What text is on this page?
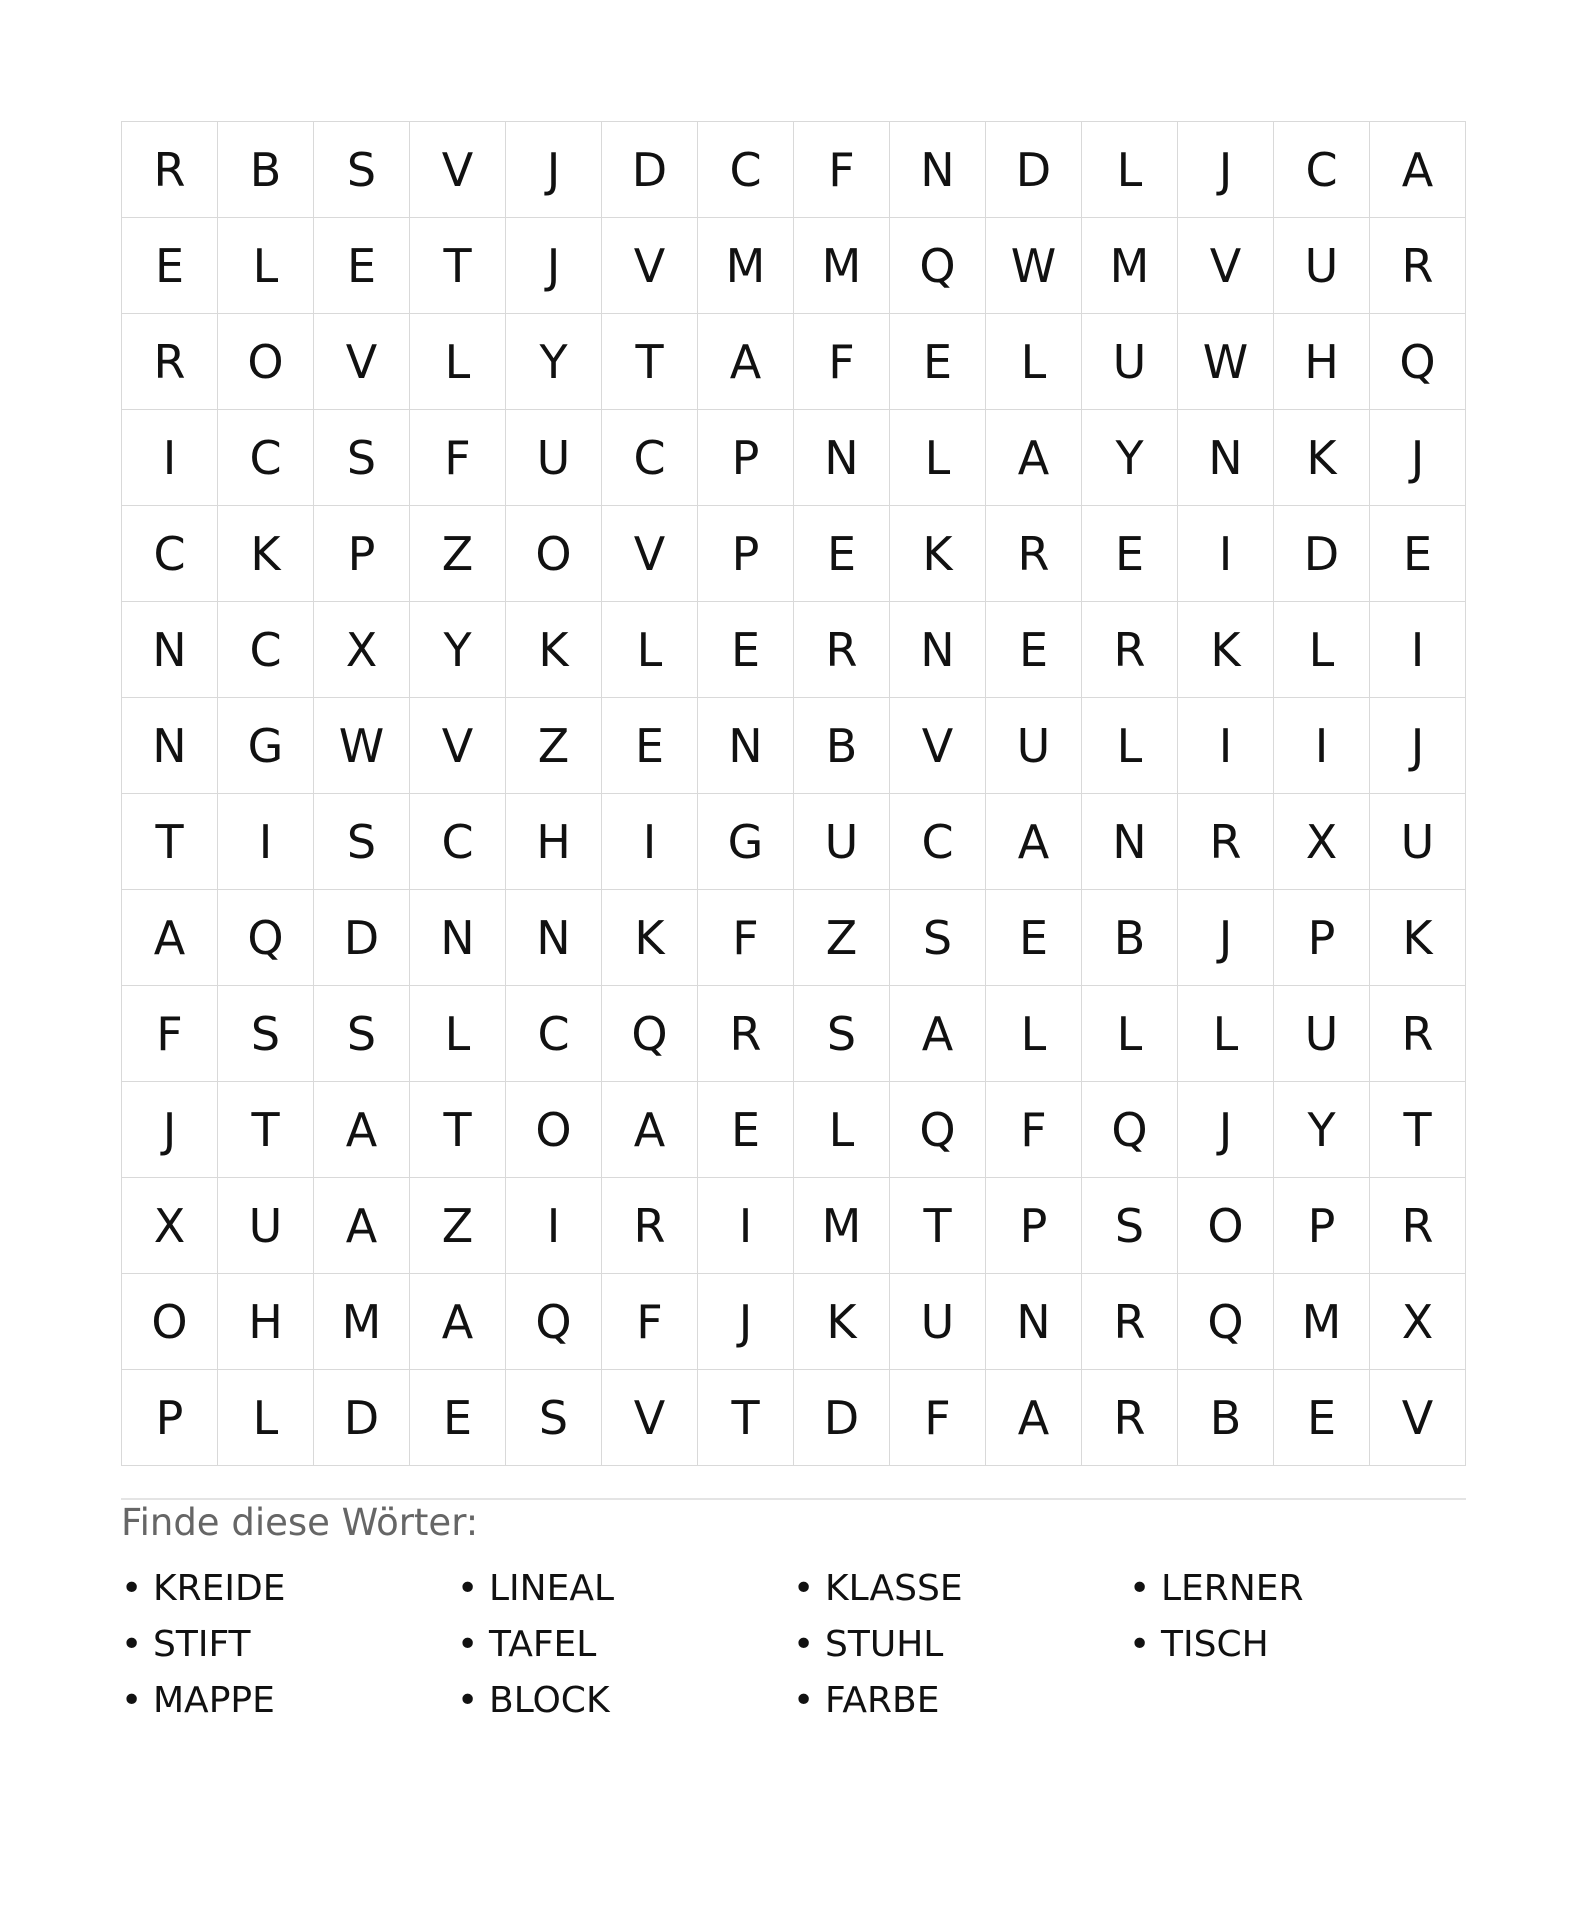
R	B	S	V	J	D	C	F	N	D	L	J	C	A
E	L	E	T	J	V	M	M	Q	W	M	V	U	R
R	O	V	L	Y	T	A	F	E	L	U	W	H	Q
I	C	S	F	U	C	P	N	L	A	Y	N	K	J
C	K	P	Z	O	V	P	E	K	R	E	I	D	E
N	C	X	Y	K	L	E	R	N	E	R	K	L	I
N	G	W	V	Z	E	N	B	V	U	L	I	I	J
T	I	S	C	H	I	G	U	C	A	N	R	X	U
A	Q	D	N	N	K	F	Z	S	E	B	J	P	K
F	S	S	L	C	Q	R	S	A	L	L	L	U	R
J	T	A	T	O	A	E	L	Q	F	Q	J	Y	T
X	U	A	Z	I	R	I	M	T	P	S	O	P	R
O	H	M	A	Q	F	J	K	U	N	R	Q	M	X
P	L	D	E	S	V	T	D	F	A	R	B	E	V
Finde diese Wörter:
• KREIDE	• LINEAL	• KLASSE	• LERNER
• STIFT	• TAFEL	• STUHL	• TISCH
• MAPPE	• BLOCK	• FARBE
